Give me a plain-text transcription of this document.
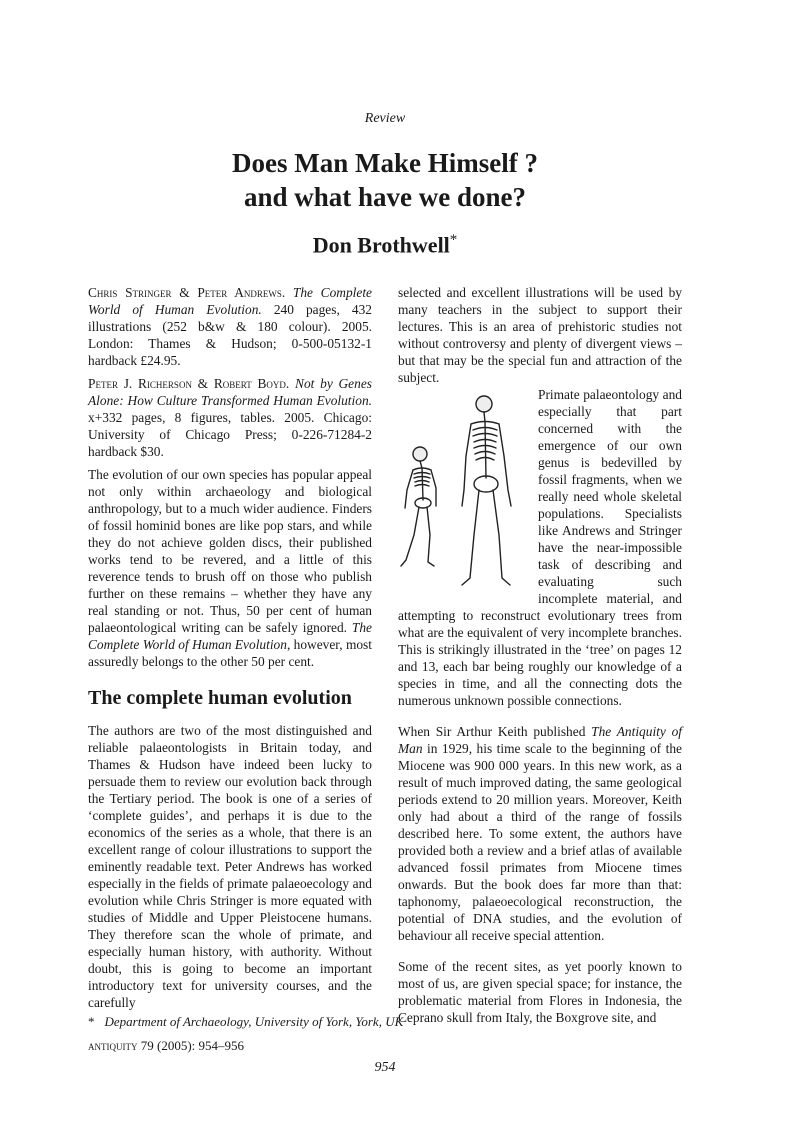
Review
Does Man Make Himself ?
and what have we done?
Don Brothwell*

Chris Stringer & Peter Andrews. The Complete World of Human Evolution. 240 pages, 432 illustrations (252 b&w & 180 colour). 2005. London: Thames & Hudson; 0-500-05132-1 hardback £24.95.

Peter J. Richerson & Robert Boyd. Not by Genes Alone: How Culture Transformed Human Evolution. x+332 pages, 8 figures, tables. 2005. Chicago: University of Chicago Press; 0-226-71284-2 hardback $30.

The evolution of our own species has popular appeal not only within archaeology and biological anthropology, but to a much wider audience. Finders of fossil hominid bones are like pop stars, and while they do not achieve golden discs, their published works tend to be revered, and a little of this reverence tends to brush off on those who publish further on these remains – whether they have any real standing or not. Thus, 50 per cent of human palaeontological writing can be safely ignored. The Complete World of Human Evolution, however, most assuredly belongs to the other 50 per cent.

The complete human evolution

The authors are two of the most distinguished and reliable palaeontologists in Britain today, and Thames & Hudson have indeed been lucky to persuade them to review our evolution back through the Tertiary period. The book is one of a series of ‘complete guides’, and perhaps it is due to the economics of the series as a whole, that there is an excellent range of colour illustrations to support the eminently readable text. Peter Andrews has worked especially in the fields of primate palaeoecology and evolution while Chris Stringer is more equated with studies of Middle and Upper Pleistocene humans. They therefore scan the whole of primate, and especially human history, with authority. Without doubt, this is going to become an important introductory text for university courses, and the carefully

selected and excellent illustrations will be used by many teachers in the subject to support their lectures. This is an area of prehistoric studies not without controversy and plenty of divergent views – but that may be the special fun and attraction of the subject.

Primate palaeontology and especially that part concerned with the emergence of our own genus is bedevilled by fossil fragments, when we really need whole skeletal populations. Specialists like Andrews and Stringer have the near-impossible task of describing and evaluating such incomplete material, and attempting to reconstruct evolutionary trees from what are the equivalent of very incomplete branches. This is strikingly illustrated in the ‘tree’ on pages 12 and 13, each bar being roughly our knowledge of a species in time, and all the connecting dots the numerous unknown possible connections.

When Sir Arthur Keith published The Antiquity of Man in 1929, his time scale to the beginning of the Miocene was 900 000 years. In this new work, as a result of much improved dating, the same geological periods extend to 20 million years. Moreover, Keith only had about a third of the range of fossils described here. To some extent, the authors have provided both a review and a brief atlas of available advanced fossil primates from Miocene times onwards. But the book does far more than that: taphonomy, palaeoecological reconstruction, the potential of DNA studies, and the evolution of behaviour all receive special attention.

Some of the recent sites, as yet poorly known to most of us, are given special space; for instance, the problematic material from Flores in Indonesia, the Ceprano skull from Italy, the Boxgrove site, and

* Department of Archaeology, University of York, York, UK
antiquity 79 (2005): 954–956
954
